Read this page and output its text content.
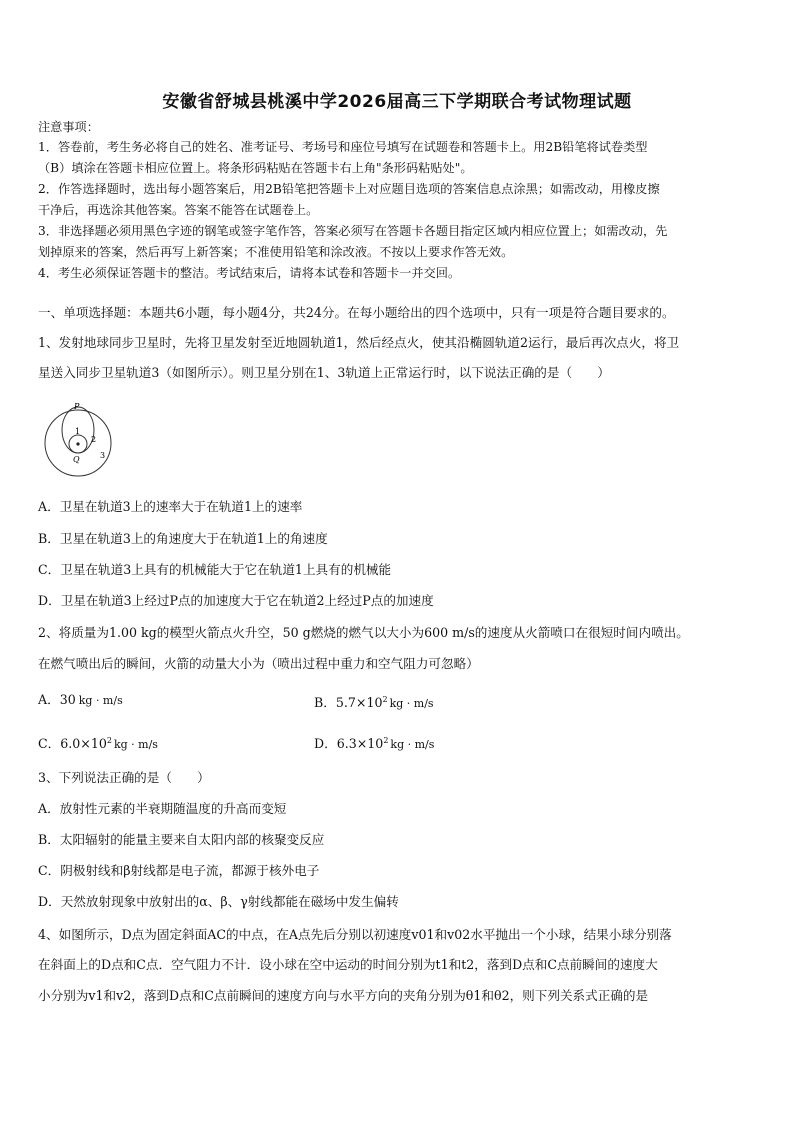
安徽省舒城县桃溪中学2026届高三下学期联合考试物理试题
注意事项：
1．答卷前，考生务必将自己的姓名、准考证号、考场号和座位号填写在试题卷和答题卡上。用2B铅笔将试卷类型
（B）填涂在答题卡相应位置上。将条形码粘贴在答题卡右上角"条形码粘贴处"。
2．作答选择题时，选出每小题答案后，用2B铅笔把答题卡上对应题目选项的答案信息点涂黑；如需改动，用橡皮擦
干净后，再选涂其他答案。答案不能答在试题卷上。
3．非选择题必须用黑色字迹的钢笔或签字笔作答，答案必须写在答题卡各题目指定区域内相应位置上；如需改动，先
划掉原来的答案，然后再写上新答案；不准使用铅笔和涂改液。不按以上要求作答无效。
4．考生必须保证答题卡的整洁。考试结束后，请将本试卷和答题卡一并交回。
一、单项选择题：本题共6小题，每小题4分，共24分。在每小题给出的四个选项中，只有一项是符合题目要求的。
1、发射地球同步卫星时，先将卫星发射至近地圆轨道1，然后经点火，使其沿椭圆轨道2运行，最后再次点火，将卫
星送入同步卫星轨道3（如图所示）。则卫星分别在1、3轨道上正常运行时，以下说法正确的是（　　）
P
Q
1
2
3
A．卫星在轨道3上的速率大于在轨道1上的速率
B．卫星在轨道3上的角速度大于在轨道1上的角速度
C．卫星在轨道3上具有的机械能大于它在轨道1上具有的机械能
D．卫星在轨道3上经过P点的加速度大于它在轨道2上经过P点的加速度
2、将质量为1.00 kg的模型火箭点火升空，50 g燃烧的燃气以大小为600 m/s的速度从火箭喷口在很短时间内喷出。
在燃气喷出后的瞬间，火箭的动量大小为（喷出过程中重力和空气阻力可忽略）
A．30 kg · m/s	B．$5.7\times 10^2$ kg · m/s
C．$6.0\times 10^2$ kg · m/s	D．$6.3\times 10^2$ kg · m/s
3、下列说法正确的是（　　）
A．放射性元素的半衰期随温度的升高而变短
B．太阳辐射的能量主要来自太阳内部的核聚变反应
C．阴极射线和β射线都是电子流，都源于核外电子
D．天然放射现象中放射出的α、β、γ射线都能在磁场中发生偏转
4、如图所示，D点为固定斜面AC的中点，在A点先后分别以初速度v01和v02水平抛出一个小球，结果小球分别落
在斜面上的D点和C点．空气阻力不计．设小球在空中运动的时间分别为t1和t2，落到D点和C点前瞬间的速度大
小分别为v1和v2，落到D点和C点前瞬间的速度方向与水平方向的夹角分别为θ1和θ2，则下列关系式正确的是
